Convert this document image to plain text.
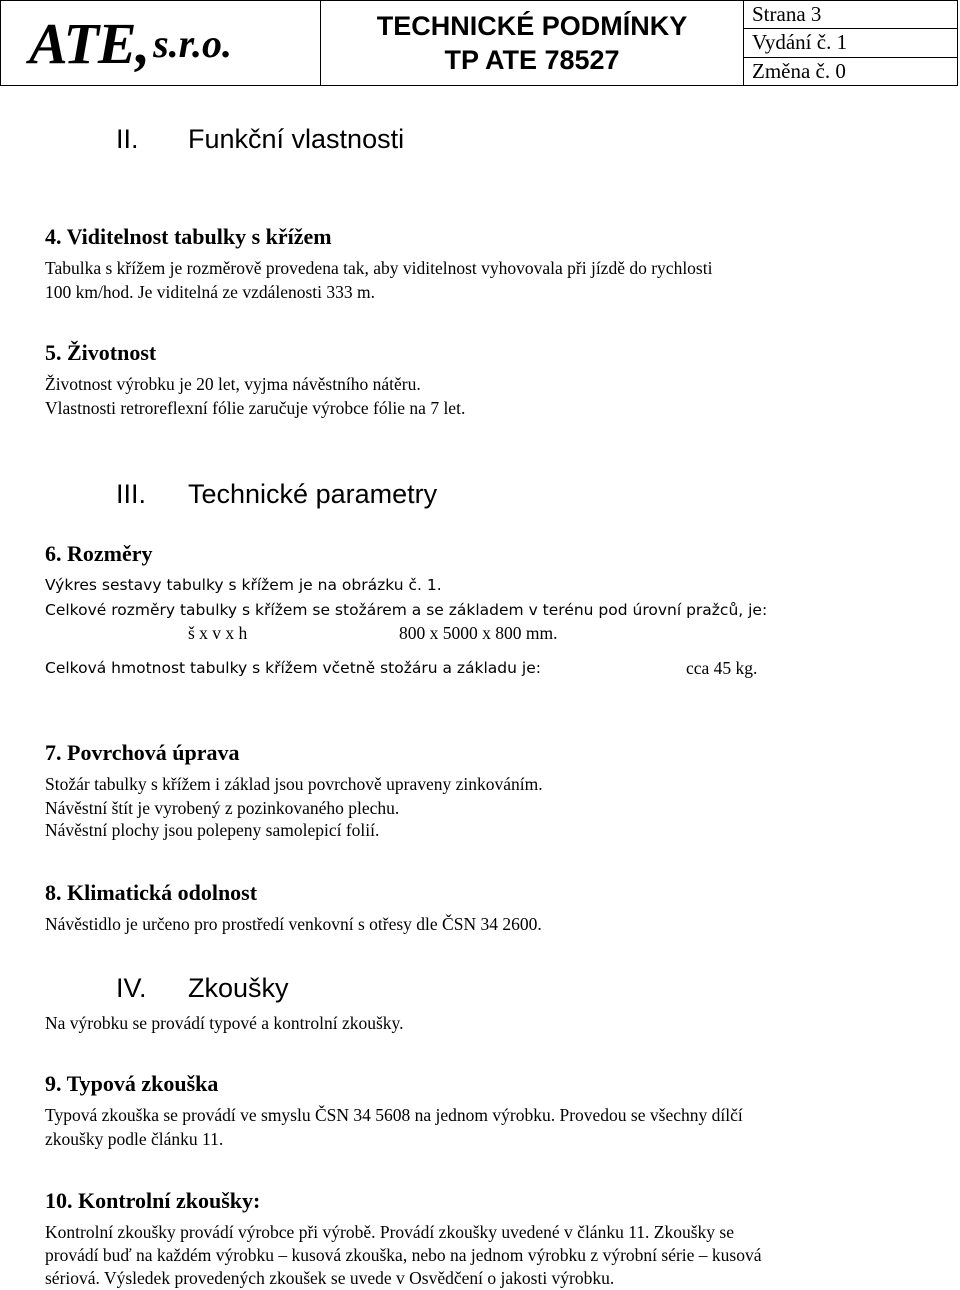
ATE,
s.r.o.	TECHNICKÉ PODMÍNKY
TP ATE 78527
Strana 3
Vydání č. 1
Změna č. 0
II. Funkční vlastnosti
4. Viditelnost tabulky s křížem
Tabulka s křížem je rozměrově provedena tak, aby viditelnost vyhovovala při jízdě do rychlosti
100 km/hod. Je viditelná ze vzdálenosti 333 m.
5. Životnost
Životnost výrobku je 20 let, vyjma návěstního nátěru.
Vlastnosti retroreflexní fólie zaručuje výrobce fólie na 7 let.
III. Technické parametry
6. Rozměry
Výkres sestavy tabulky s křížem je na obrázku č. 1.
Celkové rozměry tabulky s křížem se stožárem a se základem v terénu pod úrovní pražců, je:
š x v x h	800 x 5000 x 800 mm.
Celková hmotnost tabulky s křížem včetně stožáru a základu je:	cca 45 kg.
7. Povrchová úprava
Stožár tabulky s křížem i základ jsou povrchově upraveny zinkováním.
Návěstní štít je vyrobený z pozinkovaného plechu.
Návěstní plochy jsou polepeny samolepicí folií.
8. Klimatická odolnost
Návěstidlo je určeno pro prostředí venkovní s otřesy dle ČSN 34 2600.
IV. Zkoušky
Na výrobku se provádí typové a kontrolní zkoušky.
9. Typová zkouška
Typová zkouška se provádí ve smyslu ČSN 34 5608 na jednom výrobku. Provedou se všechny dílčí
zkoušky podle článku 11.
10. Kontrolní zkoušky:
Kontrolní zkoušky provádí výrobce při výrobě. Provádí zkoušky uvedené v článku 11. Zkoušky se
provádí buď na každém výrobku – kusová zkouška, nebo na jednom výrobku z výrobní série – kusová
sériová. Výsledek provedených zkoušek se uvede v Osvědčení o jakosti výrobku.
